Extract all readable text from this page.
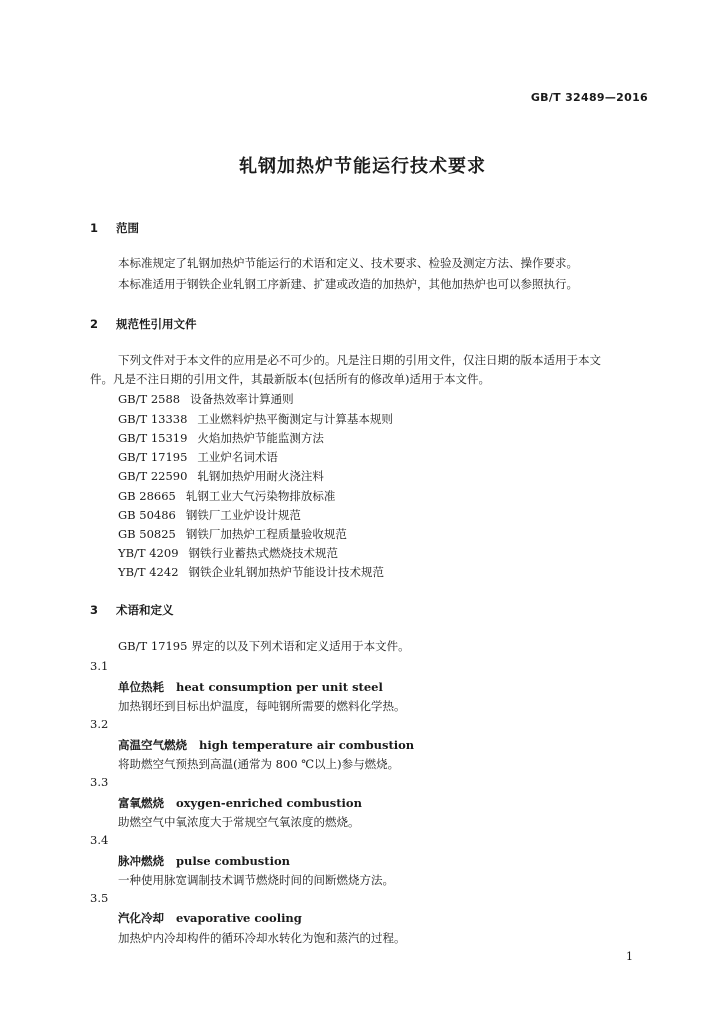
GB/T 32489—2016
轧钢加热炉节能运行技术要求
1 范围
本标准规定了轧钢加热炉节能运行的术语和定义、技术要求、检验及测定方法、操作要求。
本标准适用于钢铁企业轧钢工序新建、扩建或改造的加热炉，其他加热炉也可以参照执行。
2 规范性引用文件
下列文件对于本文件的应用是必不可少的。凡是注日期的引用文件，仅注日期的版本适用于本文
件。凡是不注日期的引用文件，其最新版本(包括所有的修改单)适用于本文件。
GB/T 2588 设备热效率计算通则
GB/T 13338 工业燃料炉热平衡测定与计算基本规则
GB/T 15319 火焰加热炉节能监测方法
GB/T 17195 工业炉名词术语
GB/T 22590 轧钢加热炉用耐火浇注料
GB 28665 轧钢工业大气污染物排放标准
GB 50486 钢铁厂工业炉设计规范
GB 50825 钢铁厂加热炉工程质量验收规范
YB/T 4209 钢铁行业蓄热式燃烧技术规范
YB/T 4242 钢铁企业轧钢加热炉节能设计技术规范
3 术语和定义
GB/T 17195 界定的以及下列术语和定义适用于本文件。
3.1
单位热耗 heat consumption per unit steel
加热钢坯到目标出炉温度，每吨钢所需要的燃料化学热。
3.2
高温空气燃烧 high temperature air combustion
将助燃空气预热到高温(通常为 800 ℃以上)参与燃烧。
3.3
富氧燃烧 oxygen-enriched combustion
助燃空气中氧浓度大于常规空气氧浓度的燃烧。
3.4
脉冲燃烧 pulse combustion
一种使用脉宽调制技术调节燃烧时间的间断燃烧方法。
3.5
汽化冷却 evaporative cooling
加热炉内冷却构件的循环冷却水转化为饱和蒸汽的过程。
1
